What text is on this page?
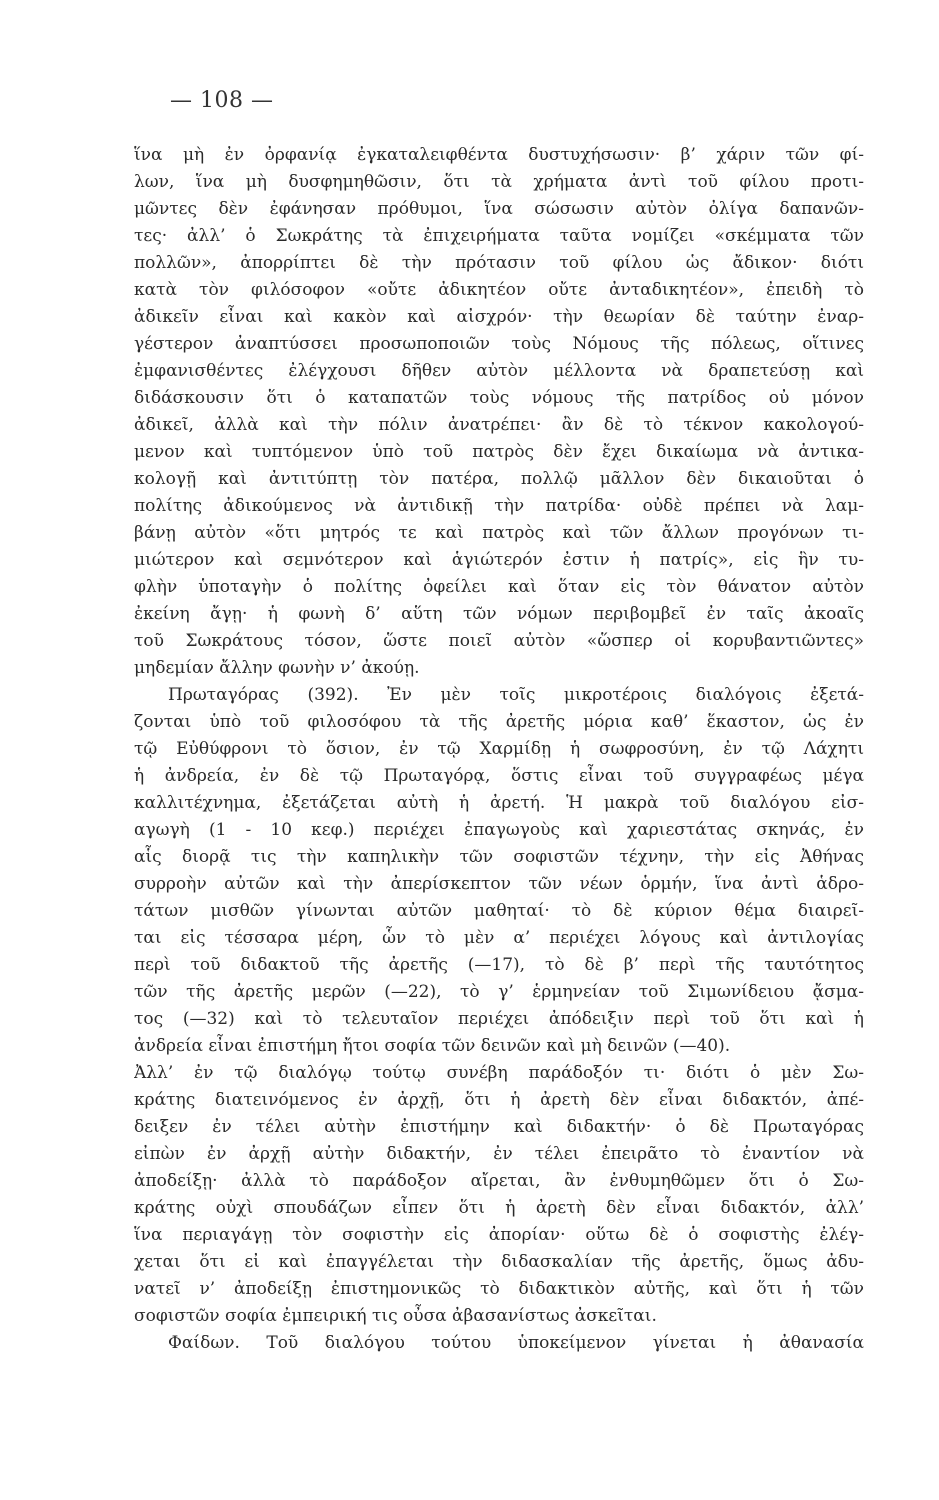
— 108 —
ἵνα μὴ ἐν ὀρφανίᾳ ἐγκαταλειφθέντα δυστυχήσωσιν· β’ χάριν τῶν φί-
λων, ἵνα μὴ δυσφημηθῶσιν, ὅτι τὰ χρήματα ἀντὶ τοῦ φίλου προτι-
μῶντες δὲν ἐφάνησαν πρόθυμοι, ἵνα σώσωσιν αὐτὸν ὀλίγα δαπανῶν-
τες· ἀλλ’ ὁ Σωκράτης τὰ ἐπιχειρήματα ταῦτα νομίζει «σκέμματα τῶν
πολλῶν», ἀπορρίπτει δὲ τὴν πρότασιν τοῦ φίλου ὡς ἄδικον· διότι
κατὰ τὸν φιλόσοφον «οὔτε ἀδικητέον οὔτε ἀνταδικητέον», ἐπειδὴ τὸ
ἀδικεῖν εἶναι καὶ κακὸν καὶ αἰσχρόν· τὴν θεωρίαν δὲ ταύτην ἐναρ-
γέστερον ἀναπτύσσει προσωποποιῶν τοὺς Νόμους τῆς πόλεως, οἵτινες
ἐμφανισθέντες ἐλέγχουσι δῆθεν αὐτὸν μέλλοντα νὰ δραπετεύσῃ καὶ
διδάσκουσιν ὅτι ὁ καταπατῶν τοὺς νόμους τῆς πατρίδος οὐ μόνον
ἀδικεῖ, ἀλλὰ καὶ τὴν πόλιν ἀνατρέπει· ἂν δὲ τὸ τέκνον κακολογού-
μενον καὶ τυπτόμενον ὑπὸ τοῦ πατρὸς δὲν ἔχει δικαίωμα νὰ ἀντικα-
κολογῇ καὶ ἀντιτύπτῃ τὸν πατέρα, πολλῷ μᾶλλον δὲν δικαιοῦται ὁ
πολίτης ἀδικούμενος νὰ ἀντιδικῇ τὴν πατρίδα· οὐδὲ πρέπει νὰ λαμ-
βάνῃ αὐτὸν «ὅτι μητρός τε καὶ πατρὸς καὶ τῶν ἄλλων προγόνων τι-
μιώτερον καὶ σεμνότερον καὶ ἁγιώτερόν ἐστιν ἡ πατρίς», εἰς ἣν τυ-
φλὴν ὑποταγὴν ὁ πολίτης ὀφείλει καὶ ὅταν εἰς τὸν θάνατον αὐτὸν
ἐκείνη ἄγῃ· ἡ φωνὴ δ’ αὕτη τῶν νόμων περιβομβεῖ ἐν ταῖς ἀκοαῖς
τοῦ Σωκράτους τόσον, ὥστε ποιεῖ αὐτὸν «ὥσπερ οἱ κορυβαντιῶντες»
μηδεμίαν ἄλλην φωνὴν ν’ ἀκούῃ.
Πρωταγόρας (392). Ἐν μὲν τοῖς μικροτέροις διαλόγοις ἐξετά-
ζονται ὑπὸ τοῦ φιλοσόφου τὰ τῆς ἀρετῆς μόρια καθ’ ἕκαστον, ὡς ἐν
τῷ Εὐθύφρονι τὸ ὅσιον, ἐν τῷ Χαρμίδῃ ἡ σωφροσύνη, ἐν τῷ Λάχητι
ἡ ἀνδρεία, ἐν δὲ τῷ Πρωταγόρᾳ, ὅστις εἶναι τοῦ συγγραφέως μέγα
καλλιτέχνημα, ἐξετάζεται αὐτὴ ἡ ἀρετή. Ἡ μακρὰ τοῦ διαλόγου εἰσ-
αγωγὴ (1 - 10 κεφ.) περιέχει ἐπαγωγοὺς καὶ χαριεστάτας σκηνάς, ἐν
αἷς διορᾷ τις τὴν καπηλικὴν τῶν σοφιστῶν τέχνην, τὴν εἰς Ἀθήνας
συρροὴν αὐτῶν καὶ τὴν ἀπερίσκεπτον τῶν νέων ὁρμήν, ἵνα ἀντὶ ἁδρο-
τάτων μισθῶν γίνωνται αὐτῶν μαθηταί· τὸ δὲ κύριον θέμα διαιρεῖ-
ται εἰς τέσσαρα μέρη, ὧν τὸ μὲν α’ περιέχει λόγους καὶ ἀντιλογίας
περὶ τοῦ διδακτοῦ τῆς ἀρετῆς (—17), τὸ δὲ β’ περὶ τῆς ταυτότητος
τῶν τῆς ἀρετῆς μερῶν (—22), τὸ γ’ ἑρμηνείαν τοῦ Σιμωνίδειου ᾄσμα-
τος (—32) καὶ τὸ τελευταῖον περιέχει ἀπόδειξιν περὶ τοῦ ὅτι καὶ ἡ
ἀνδρεία εἶναι ἐπιστήμη ἤτοι σοφία τῶν δεινῶν καὶ μὴ δεινῶν (—40).
Ἀλλ’ ἐν τῷ διαλόγῳ τούτῳ συνέβη παράδοξόν τι· διότι ὁ μὲν Σω-
κράτης διατεινόμενος ἐν ἀρχῇ, ὅτι ἡ ἀρετὴ δὲν εἶναι διδακτόν, ἀπέ-
δειξεν ἐν τέλει αὐτὴν ἐπιστήμην καὶ διδακτήν· ὁ δὲ Πρωταγόρας
εἰπὼν ἐν ἀρχῇ αὐτὴν διδακτήν, ἐν τέλει ἐπειρᾶτο τὸ ἐναντίον νὰ
ἀποδείξῃ· ἀλλὰ τὸ παράδοξον αἴρεται, ἂν ἐνθυμηθῶμεν ὅτι ὁ Σω-
κράτης οὐχὶ σπουδάζων εἶπεν ὅτι ἡ ἀρετὴ δὲν εἶναι διδακτόν, ἀλλ’
ἵνα περιαγάγῃ τὸν σοφιστὴν εἰς ἀπορίαν· οὕτω δὲ ὁ σοφιστὴς ἐλέγ-
χεται ὅτι εἰ καὶ ἐπαγγέλεται τὴν διδασκαλίαν τῆς ἀρετῆς, ὅμως ἀδυ-
νατεῖ ν’ ἀποδείξῃ ἐπιστημονικῶς τὸ διδακτικὸν αὐτῆς, καὶ ὅτι ἡ τῶν
σοφιστῶν σοφία ἐμπειρική τις οὖσα ἀβασανίστως ἀσκεῖται.
Φαίδων. Τοῦ διαλόγου τούτου ὑποκείμενον γίνεται ἡ ἀθανασία
